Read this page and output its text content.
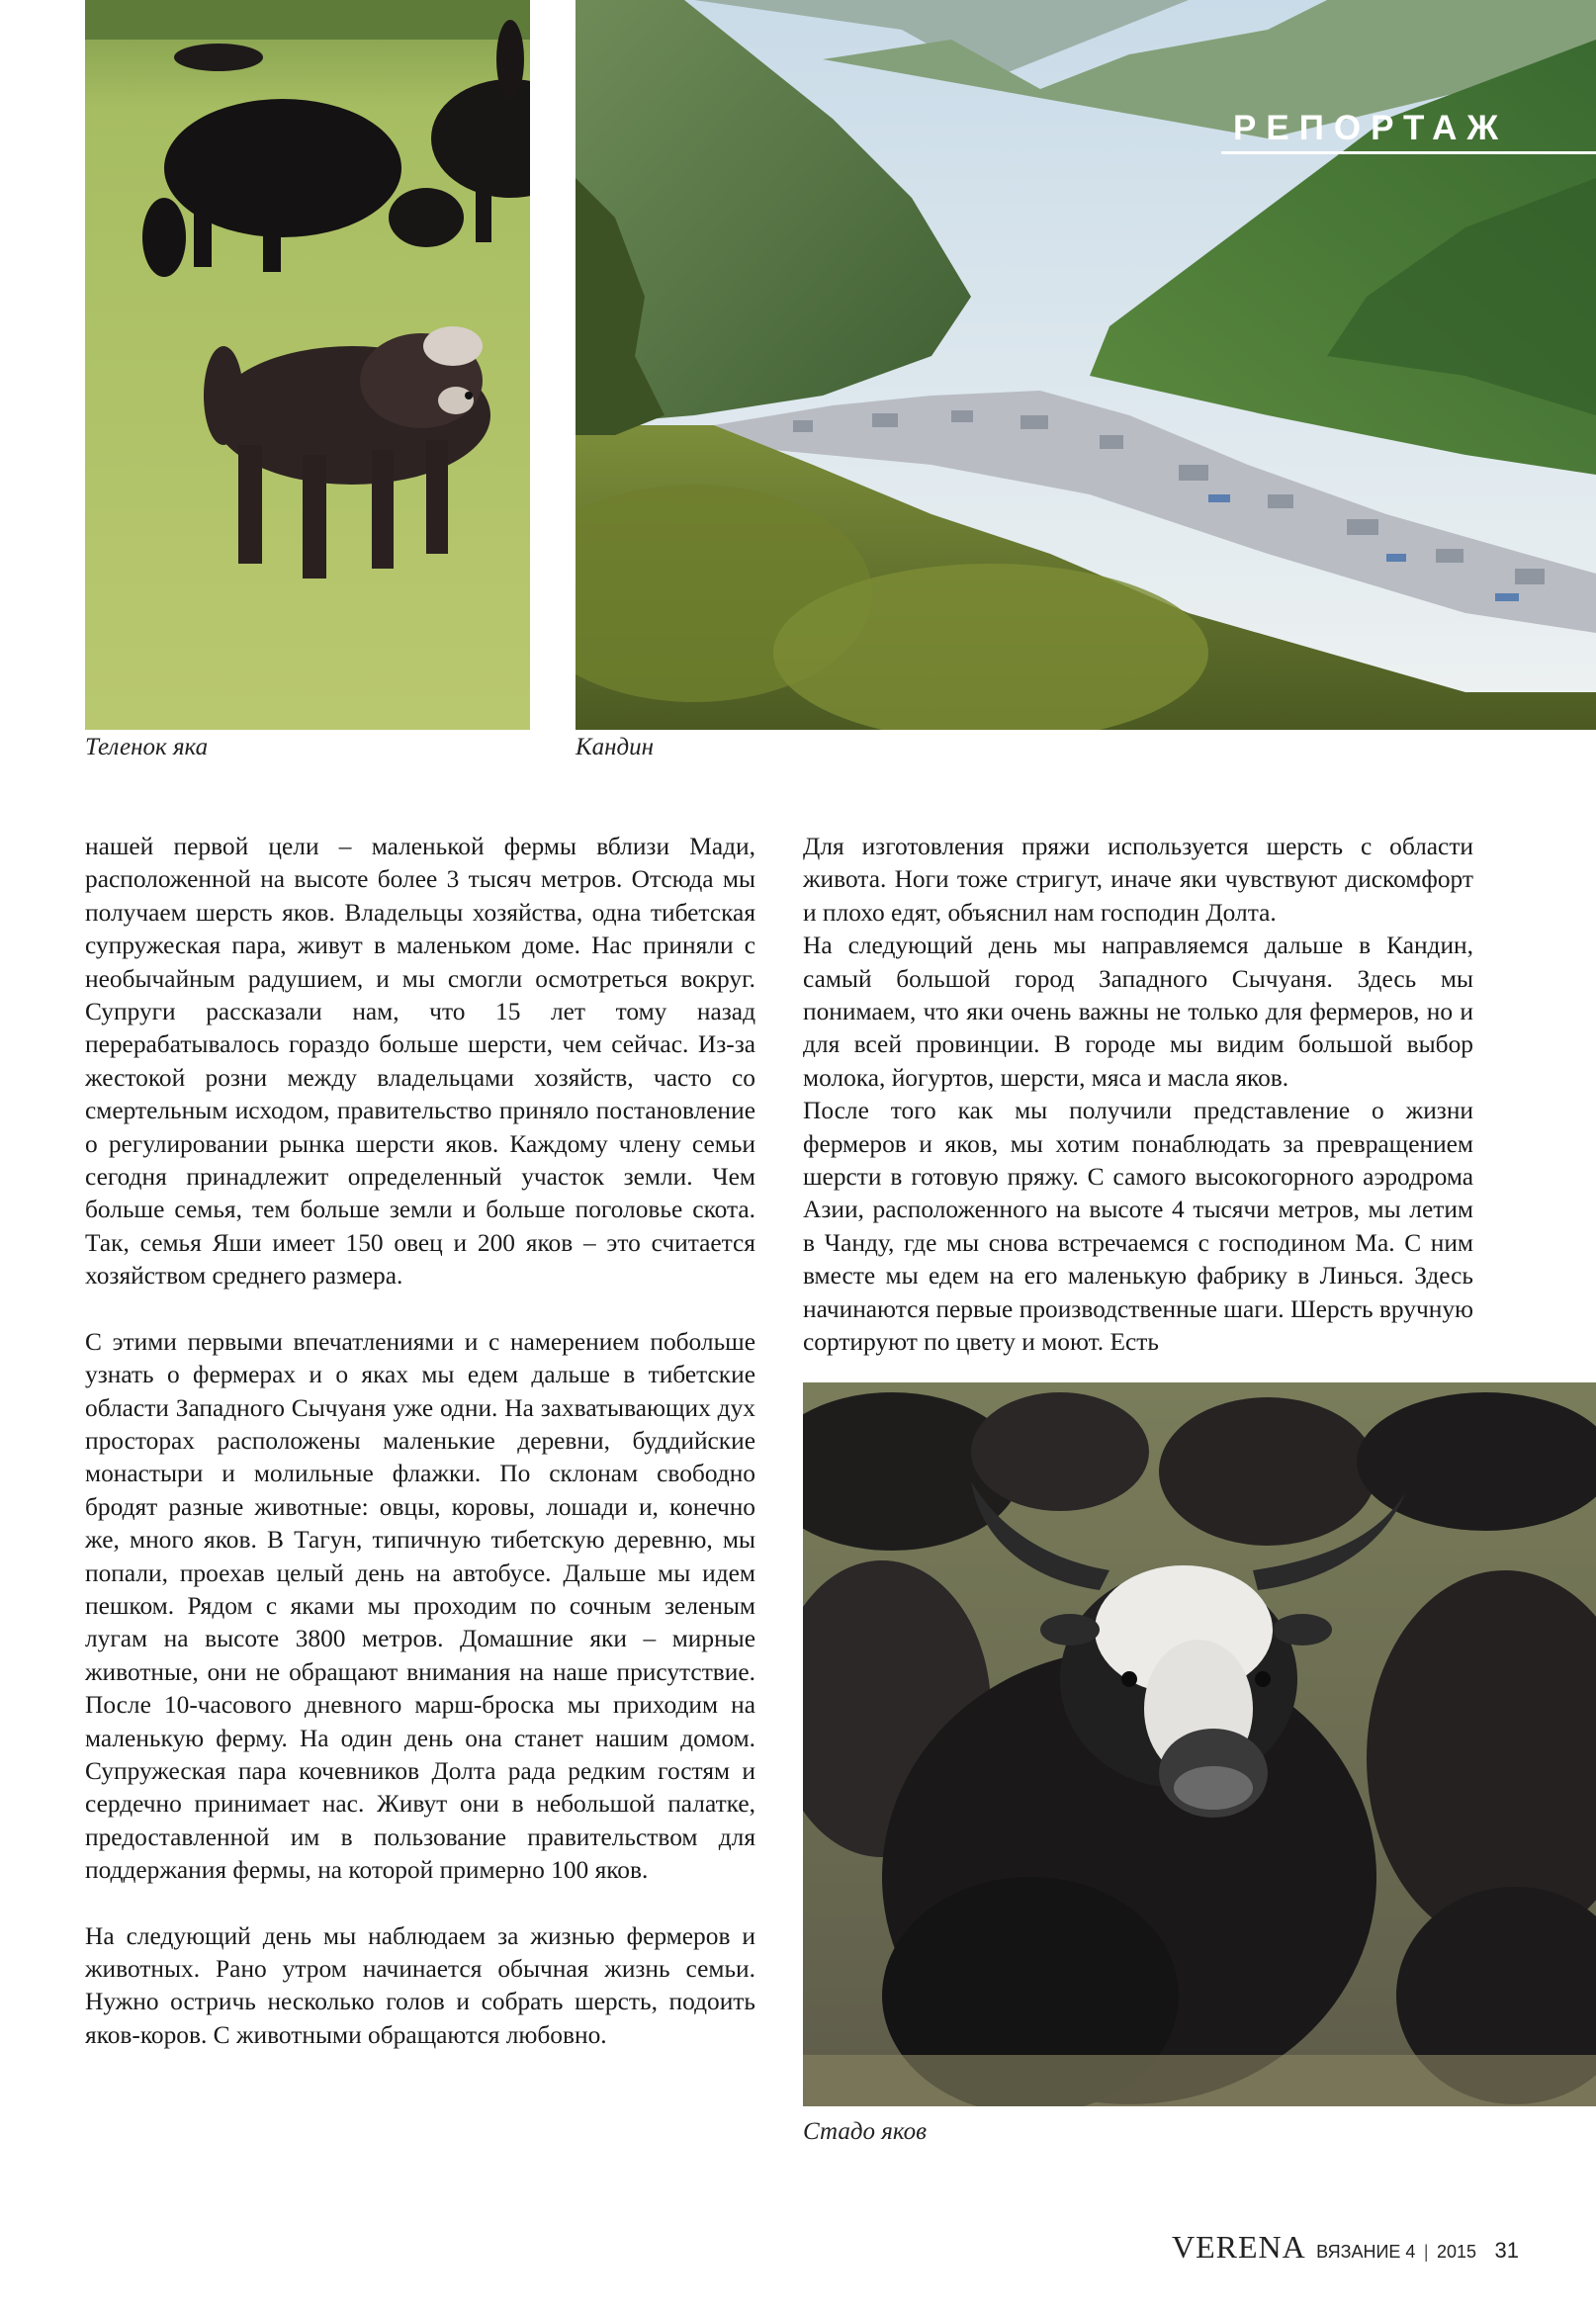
РЕПОРТАЖ
Теленок яка	Кандин

нашей первой цели – маленькой фермы вблизи Мади, расположенной на высоте более 3 тысяч метров. Отсюда мы получаем шерсть яков. Владельцы хозяйства, одна тибетская супружеская пара, живут в маленьком доме. Нас приняли с необычайным радушием, и мы смогли осмотреться вокруг. Супруги рассказали нам, что 15 лет тому назад перерабатывалось гораздо больше шерсти, чем сейчас. Из-за жестокой розни между владельцами хозяйств, часто со смертельным исходом, правительство приняло постановление о регулировании рынка шерсти яков. Каждому члену семьи сегодня принадлежит определенный участок земли. Чем больше семья, тем больше земли и больше поголовье скота. Так, семья Яши имеет 150 овец и 200 яков – это считается хозяйством среднего размера.

С этими первыми впечатлениями и с намерением побольше узнать о фермерах и о яках мы едем дальше в тибетские области Западного Сычуаня уже одни. На захватывающих дух просторах расположены маленькие деревни, буддийские монастыри и молильные флажки. По склонам свободно бродят разные животные: овцы, коровы, лошади и, конечно же, много яков. В Тагун, типичную тибетскую деревню, мы попали, проехав целый день на автобусе. Дальше мы идем пешком. Рядом с яками мы проходим по сочным зеленым лугам на высоте 3800 метров. Домашние яки – мирные животные, они не обращают внимания на наше присутствие. После 10-часового дневного марш-броска мы приходим на маленькую ферму. На один день она станет нашим домом. Супружеская пара кочевников Долта рада редким гостям и сердечно принимает нас. Живут они в небольшой палатке, предоставленной им в пользование правительством для поддержания фермы, на которой примерно 100 яков.

На следующий день мы наблюдаем за жизнью фермеров и животных. Рано утром начинается обычная жизнь семьи. Нужно остричь несколько голов и собрать шерсть, подоить яков-коров. С животными обращаются любовно.

Для изготовления пряжи используется шерсть с области живота. Ноги тоже стригут, иначе яки чувствуют дискомфорт и плохо едят, объяснил нам господин Долта.

На следующий день мы направляемся дальше в Кандин, самый большой город Западного Сычуаня. Здесь мы понимаем, что яки очень важны не только для фермеров, но и для всей провинции. В городе мы видим большой выбор молока, йогуртов, шерсти, мяса и масла яков.

После того как мы получили представление о жизни фермеров и яков, мы хотим понаблюдать за превращением шерсти в готовую пряжу. С самого высокогорного аэродрома Азии, расположенного на высоте 4 тысячи метров, мы летим в Чанду, где мы снова встречаемся с господином Ма. С ним вместе мы едем на его маленькую фабрику в Линься. Здесь начинаются первые производственные шаги. Шерсть вручную сортируют по цвету и моют. Есть

Стадо яков
VERENA ВЯЗАНИЕ 4 | 2015 31
